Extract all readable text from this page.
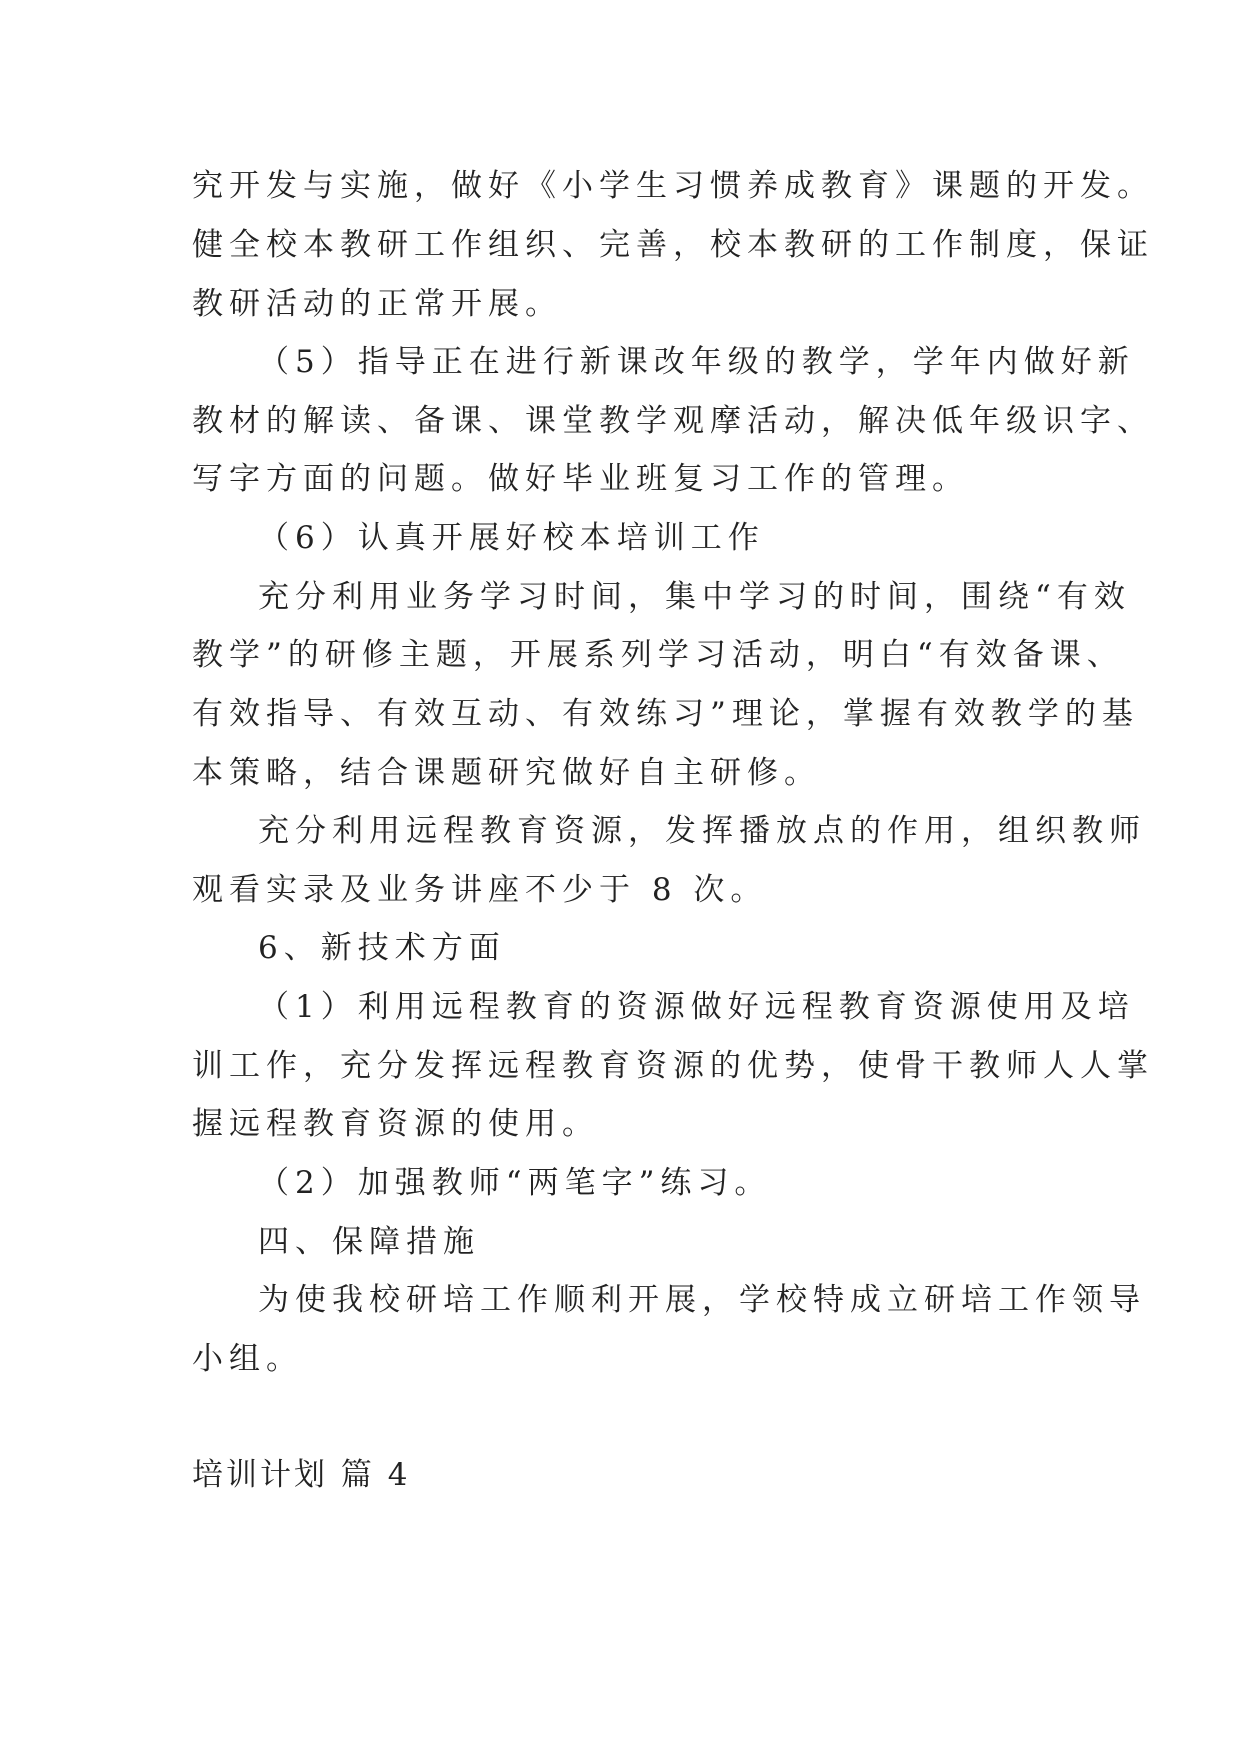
究开发与实施，做好《小学生习惯养成教育》课题的开发。
健全校本教研工作组织、完善，校本教研的工作制度，保证
教研活动的正常开展。
（5）指导正在进行新课改年级的教学，学年内做好新
教材的解读、备课、课堂教学观摩活动，解决低年级识字、
写字方面的问题。做好毕业班复习工作的管理。
（6）认真开展好校本培训工作
充分利用业务学习时间，集中学习的时间，围绕“有效
教学”的研修主题，开展系列学习活动，明白“有效备课、
有效指导、有效互动、有效练习”理论，掌握有效教学的基
本策略，结合课题研究做好自主研修。
充分利用远程教育资源，发挥播放点的作用，组织教师
观看实录及业务讲座不少于 8 次。
6、新技术方面
（1）利用远程教育的资源做好远程教育资源使用及培
训工作，充分发挥远程教育资源的优势，使骨干教师人人掌
握远程教育资源的使用。
（2）加强教师“两笔字”练习。
四、保障措施
为使我校研培工作顺利开展，学校特成立研培工作领导
小组。
培训计划 篇 4
